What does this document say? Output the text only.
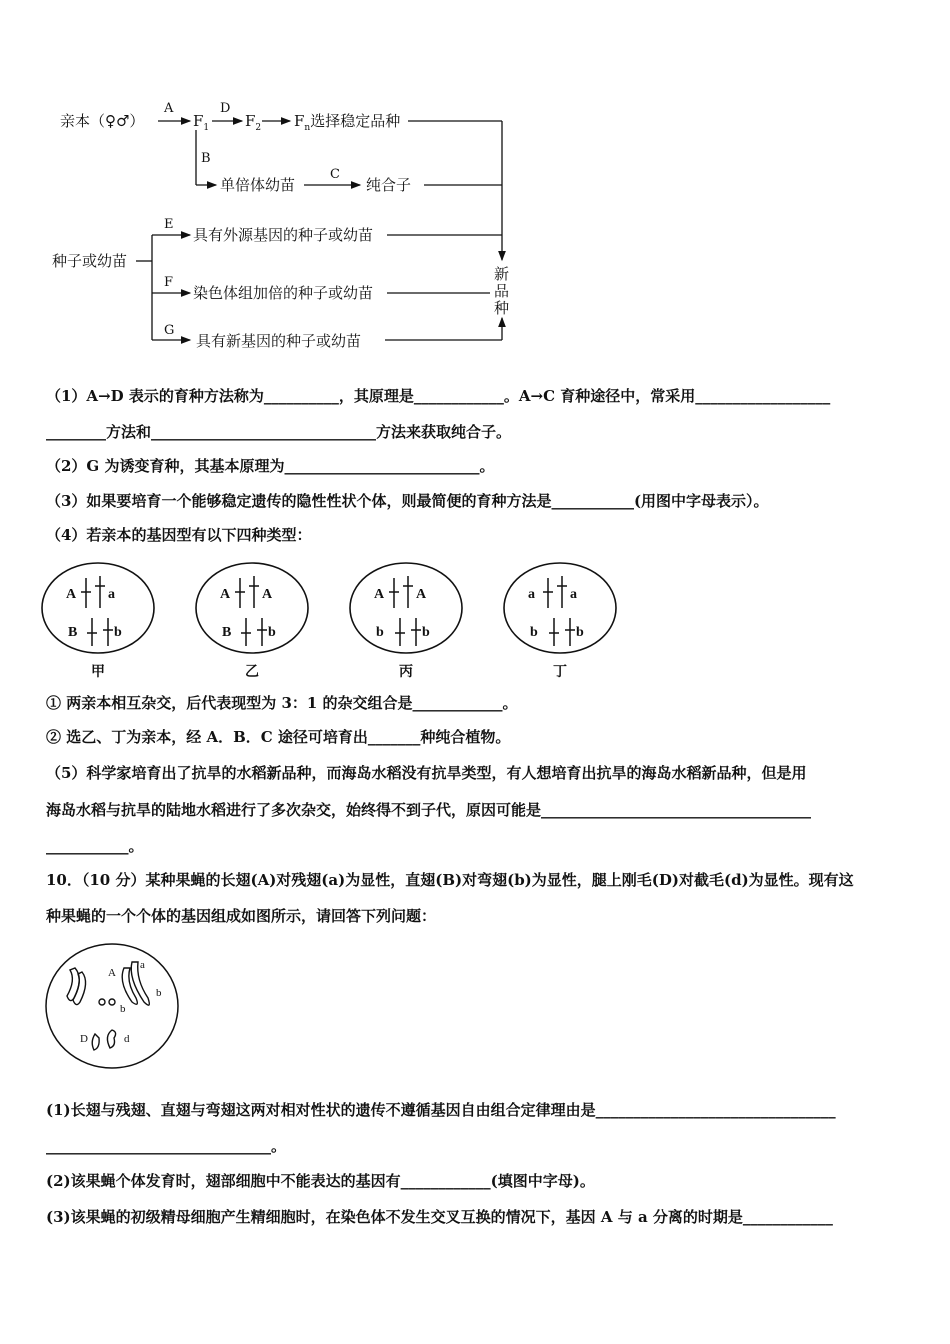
亲本（♀♂）
A
$F_1$
D
$F_2$ $F_n$选择稳定品种
B
单倍体幼苗
C
纯合子
种子或幼苗
E
具有外源基因的种子或幼苗
F
染色体组加倍的种子或幼苗
G
具有新基因的种子或幼苗
新
品
种
（1）A→D 表示的育种方法称为__________，其原理是____________。A→C 育种途径中，常采用__________________
________方法和______________________________方法来获取纯合子。
（2）G 为诱变育种，其基本原理为__________________________。
（3）如果要培育一个能够稳定遗传的隐性性状个体，则最简便的育种方法是___________(用图中字母表示）。
（4）若亲本的基因型有以下四种类型：
A a
B	b
甲
A A
B	b
乙
A A
b	b
丙
a	a
b	b
丁
① 两亲本相互杂交，后代表现型为 3：1 的杂交组合是____________。
② 选乙、丁为亲本，经 A．B．C 途径可培育出_______种纯合植物。
（5）科学家培育出了抗旱的水稻新品种，而海岛水稻没有抗旱类型，有人想培育出抗旱的海岛水稻新品种，但是用
海岛水稻与抗旱的陆地水稻进行了多次杂交，始终得不到子代，原因可能是____________________________________
___________。
10．（10 分）某种果蝇的长翅(A)对残翅(a)为显性，直翅(B)对弯翅(b)为显性，腿上刚毛(D)对截毛(d)为显性。现有这
种果蝇的一个个体的基因组成如图所示，请回答下列问题：
A
a
b
b
D	d
(1)长翅与残翅、直翅与弯翅这两对相对性状的遗传不遵循基因自由组合定律理由是________________________________
______________________________。
(2)该果蝇个体发育时，翅部细胞中不能表达的基因有____________(填图中字母)。
(3)该果蝇的初级精母细胞产生精细胞时，在染色体不发生交叉互换的情况下，基因 A 与 a 分离的时期是____________
